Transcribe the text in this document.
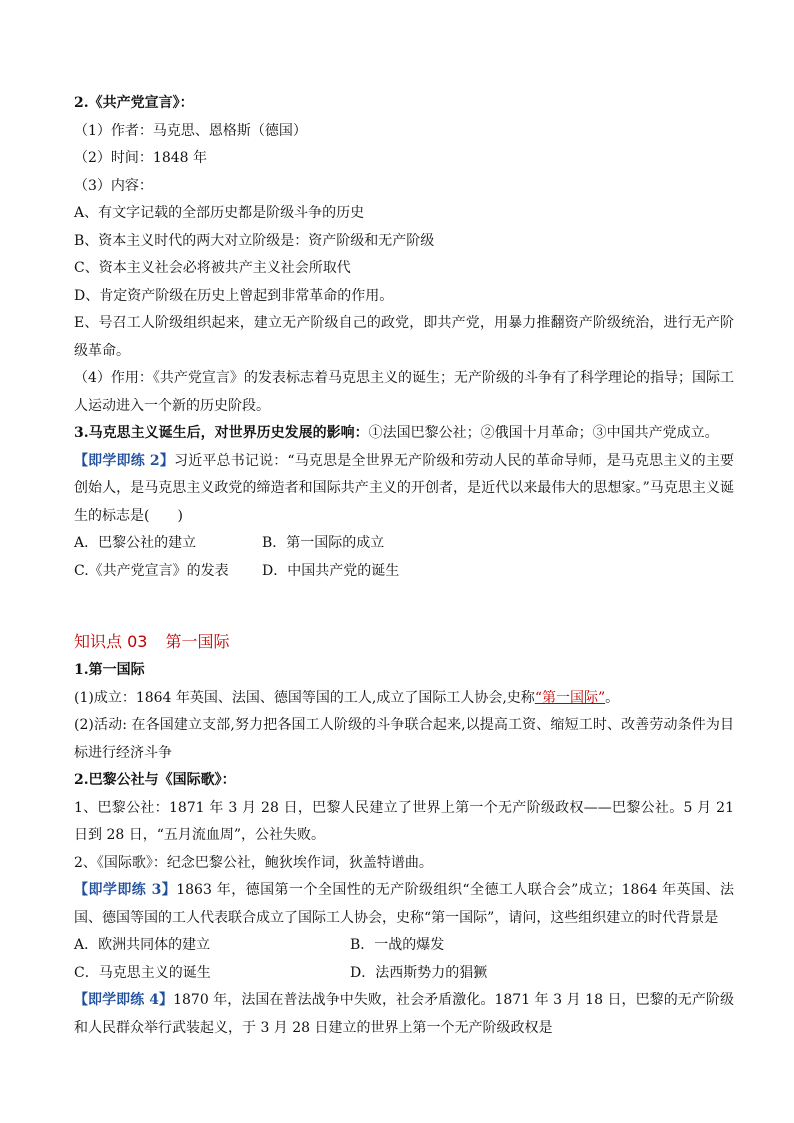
2.《共产党宣言》：

（1）作者：马克思、恩格斯（德国）

（2）时间：1848 年

（3）内容：

A、有文字记载的全部历史都是阶级斗争的历史

B、资本主义时代的两大对立阶级是：资产阶级和无产阶级

C、资本主义社会必将被共产主义社会所取代

D、肯定资产阶级在历史上曾起到非常革命的作用。

E、号召工人阶级组织起来，建立无产阶级自己的政党，即共产党，用暴力推翻资产阶级统治，进行无产阶级革命。

（4）作用：《共产党宣言》的发表标志着马克思主义的诞生；无产阶级的斗争有了科学理论的指导；国际工人运动进入一个新的历史阶段。

3.马克思主义诞生后，对世界历史发展的影响：①法国巴黎公社；②俄国十月革命；③中国共产党成立。

【即学即练 2】习近平总书记说：“马克思是全世界无产阶级和劳动人民的革命导师，是马克思主义的主要创始人，是马克思主义政党的缔造者和国际共产主义的开创者，是近代以来最伟大的思想家。”马克思主义诞生的标志是(　　)

A．巴黎公社的建立	B．第一国际的成立
C.《共产党宣言》的发表	D．中国共产党的诞生
知识点 03 第一国际

1.第一国际

(1)成立：1864 年英国、法国、德国等国的工人,成立了国际工人协会,史称“第一国际”。

(2)活动: 在各国建立支部,努力把各国工人阶级的斗争联合起来,以提高工资、缩短工时、改善劳动条件为目标进行经济斗争

2.巴黎公社与《国际歌》：

1、巴黎公社：1871 年 3 月 28 日，巴黎人民建立了世界上第一个无产阶级政权——巴黎公社。5 月 21 日到 28 日，“五月流血周”，公社失败。

2、《国际歌》：纪念巴黎公社，鲍狄埃作词，狄盖特谱曲。

【即学即练 3】1863 年，德国第一个全国性的无产阶级组织“全德工人联合会”成立；1864 年英国、法国、德国等国的工人代表联合成立了国际工人协会，史称“第一国际”，请问，这些组织建立的时代背景是

A．欧洲共同体的建立	B．一战的爆发
C．马克思主义的诞生	D．法西斯势力的猖獗

【即学即练 4】1870 年，法国在普法战争中失败，社会矛盾激化。1871 年 3 月 18 日，巴黎的无产阶级和人民群众举行武装起义，于 3 月 28 日建立的世界上第一个无产阶级政权是
